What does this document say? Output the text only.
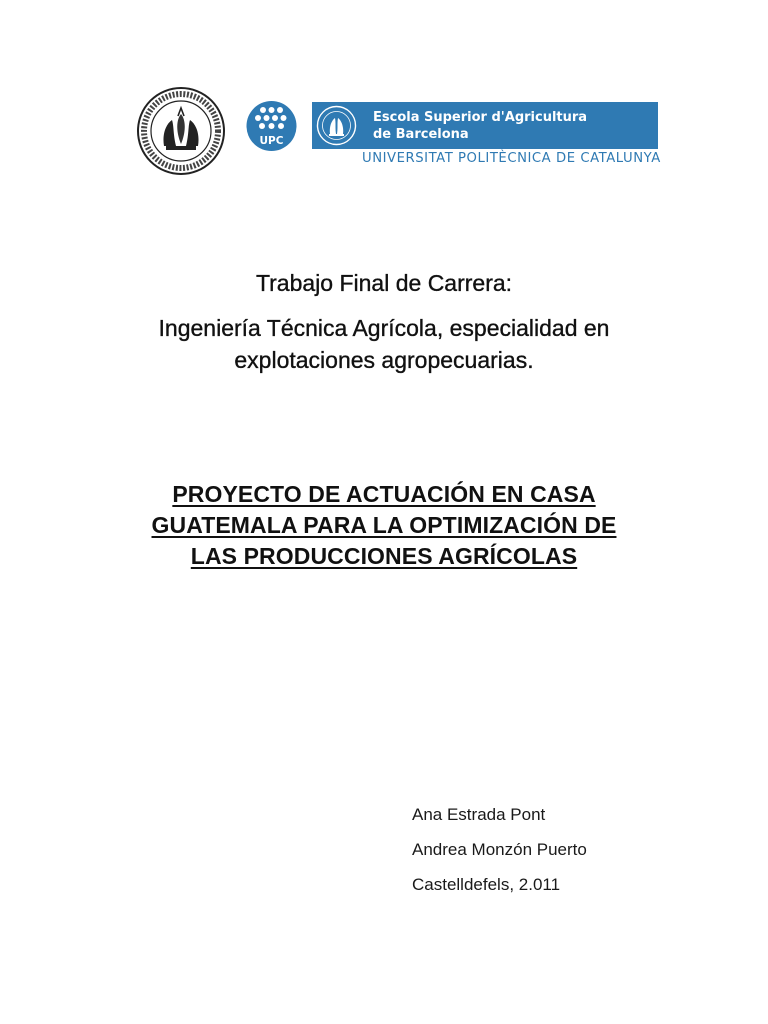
UPC
Escola Superior d'Agricultura
de Barcelona
UNIVERSITAT POLITÈCNICA DE CATALUNYA
Trabajo Final de Carrera:
Ingeniería Técnica Agrícola, especialidad en
explotaciones agropecuarias.
PROYECTO DE ACTUACIÓN EN CASA
GUATEMALA PARA LA OPTIMIZACIÓN DE
LAS PRODUCCIONES AGRÍCOLAS
Ana Estrada Pont
Andrea Monzón Puerto
Castelldefels, 2.011
